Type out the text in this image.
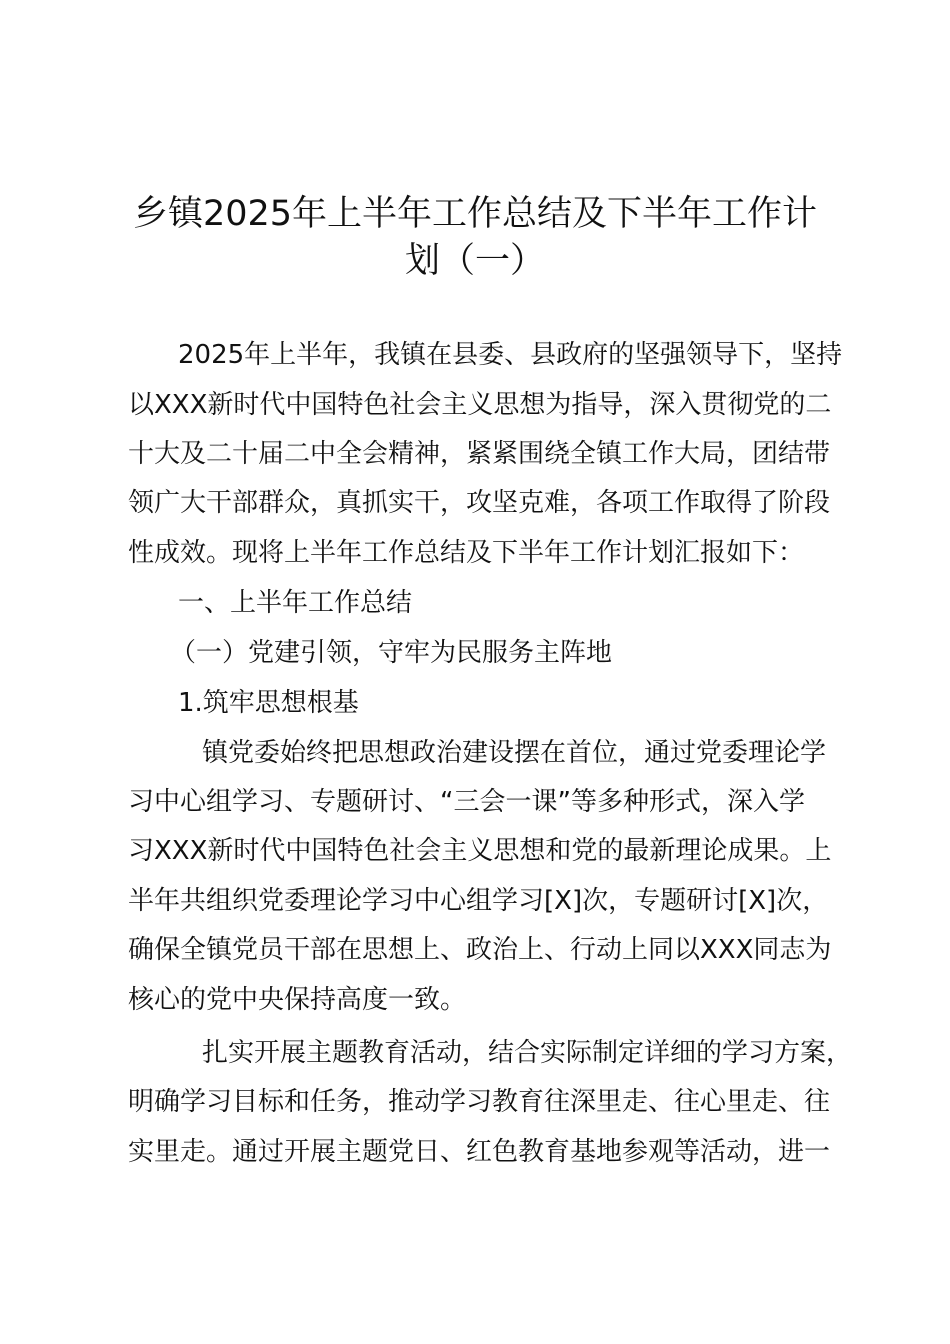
乡镇2025年上半年工作总结及下半年工作计
划（一）
2025年上半年，我镇在县委、县政府的坚强领导下，坚持
以XXX新时代中国特色社会主义思想为指导，深入贯彻党的二
十大及二十届二中全会精神，紧紧围绕全镇工作大局，团结带
领广大干部群众，真抓实干，攻坚克难，各项工作取得了阶段
性成效。现将上半年工作总结及下半年工作计划汇报如下：
一、上半年工作总结
（一）党建引领，守牢为民服务主阵地
1.筑牢思想根基
镇党委始终把思想政治建设摆在首位，通过党委理论学
习中心组学习、专题研讨、“三会一课”等多种形式，深入学
习XXX新时代中国特色社会主义思想和党的最新理论成果。上
半年共组织党委理论学习中心组学习[X]次，专题研讨[X]次，
确保全镇党员干部在思想上、政治上、行动上同以XXX同志为
核心的党中央保持高度一致。
扎实开展主题教育活动，结合实际制定详细的学习方案，
明确学习目标和任务，推动学习教育往深里走、往心里走、往
实里走。通过开展主题党日、红色教育基地参观等活动，进一
